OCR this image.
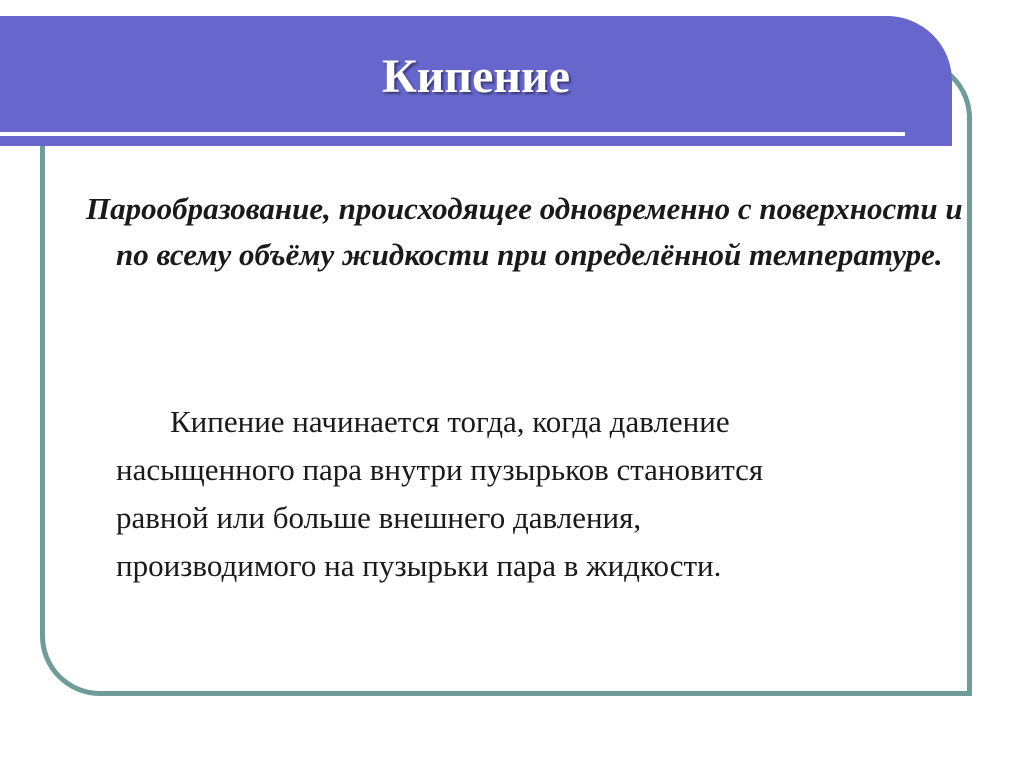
Кипение

Парообразование, происходящее одновременно с поверхности и по всему объёму жидкости при определённой температуре.

Кипение начинается тогда, когда давление
насыщенного пара внутри пузырьков становится
равной или больше внешнего давления,
производимого на пузырьки пара в жидкости.
